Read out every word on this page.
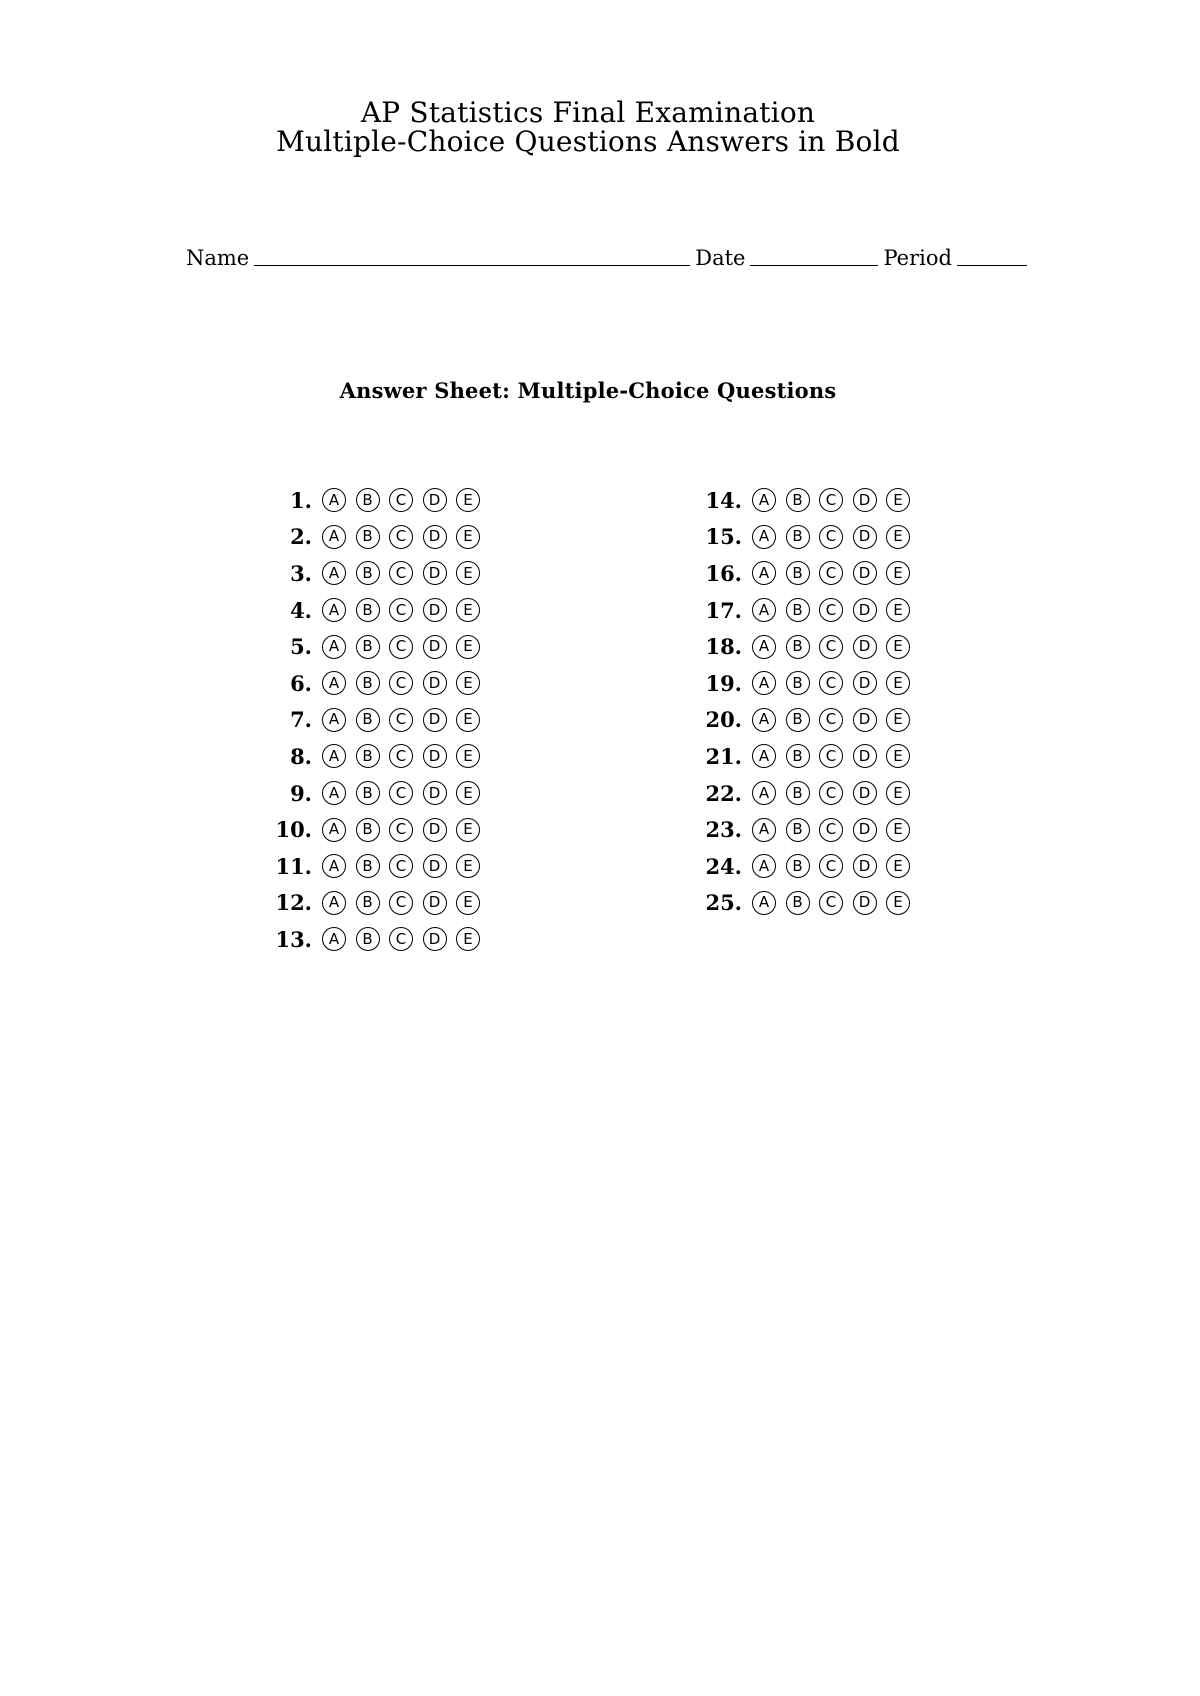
AP Statistics Final Examination
Multiple-Choice Questions Answers in Bold
Name	Date	Period
Answer Sheet: Multiple-Choice Questions
1.	A	B	C	D	E
2.	A	B	C	D	E
3.	A	B	C	D	E
4.	A	B	C	D	E
5.	A	B	C	D	E
6.	A	B	C	D	E
7.	A	B	C	D	E
8.	A	B	C	D	E
9.	A	B	C	D	E
10.	A	B	C	D	E
11.	A	B	C	D	E
12.	A	B	C	D	E
13.	A	B	C	D	E
14.	A	B	C	D	E
15.	A	B	C	D	E
16.	A	B	C	D	E
17.	A	B	C	D	E
18.	A	B	C	D	E
19.	A	B	C	D	E
20.	A	B	C	D	E
21.	A	B	C	D	E
22.	A	B	C	D	E
23.	A	B	C	D	E
24.	A	B	C	D	E
25.	A	B	C	D	E
